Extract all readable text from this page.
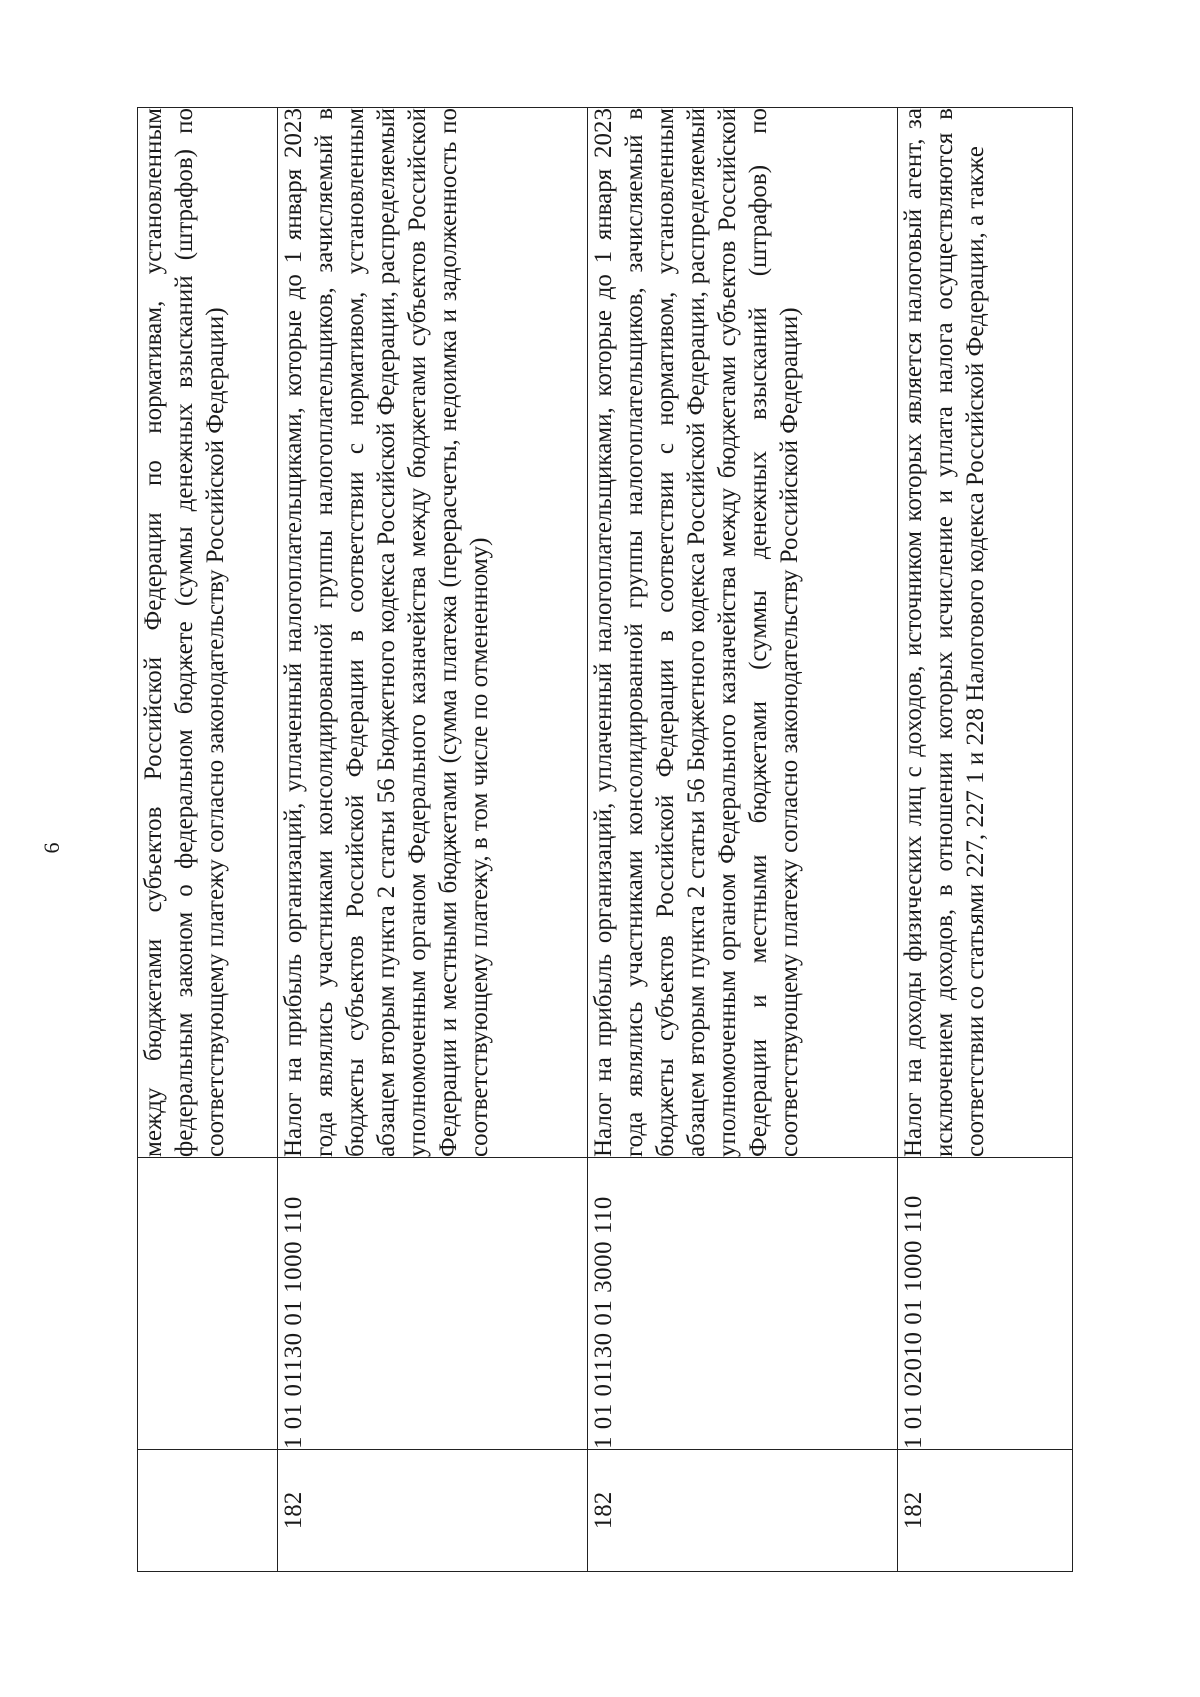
6

		между бюджетами субъектов Российской Федерации по нормативам, установленным федеральным законом о федеральном бюджете (суммы денежных взысканий (штрафов) по соответствующему платежу согласно законодательству Российской Федерации)

182	1 01 01130 01 1000 110	Налог на прибыль организаций, уплаченный налогоплательщиками, которые до 1 января 2023 года являлись участниками консолидированной группы налогоплательщиков, зачисляемый в бюджеты субъектов Российской Федерации в соответствии с нормативом, установленным абзацем вторым пункта 2 статьи 56 Бюджетного кодекса Российской Федерации, распределяемый уполномоченным органом Федерального казначейства между бюджетами субъектов Российской Федерации и местными бюджетами (сумма платежа (перерасчеты, недоимка и задолженность по соответствующему платежу, в том числе по отмененному)

182	1 01 01130 01 3000 110	Налог на прибыль организаций, уплаченный налогоплательщиками, которые до 1 января 2023 года являлись участниками консолидированной группы налогоплательщиков, зачисляемый в бюджеты субъектов Российской Федерации в соответствии с нормативом, установленным абзацем вторым пункта 2 статьи 56 Бюджетного кодекса Российской Федерации, распределяемый уполномоченным органом Федерального казначейства между бюджетами субъектов Российской Федерации и местными бюджетами (суммы денежных взысканий (штрафов) по соответствующему платежу согласно законодательству Российской Федерации)

182	1 01 02010 01 1000 110	Налог на доходы физических лиц с доходов, источником которых является налоговый агент, за исключением доходов, в отношении которых исчисление и уплата налога осуществляются в соответствии со статьями 227, 227 1 и 228 Налогового кодекса Российской Федерации, а также
